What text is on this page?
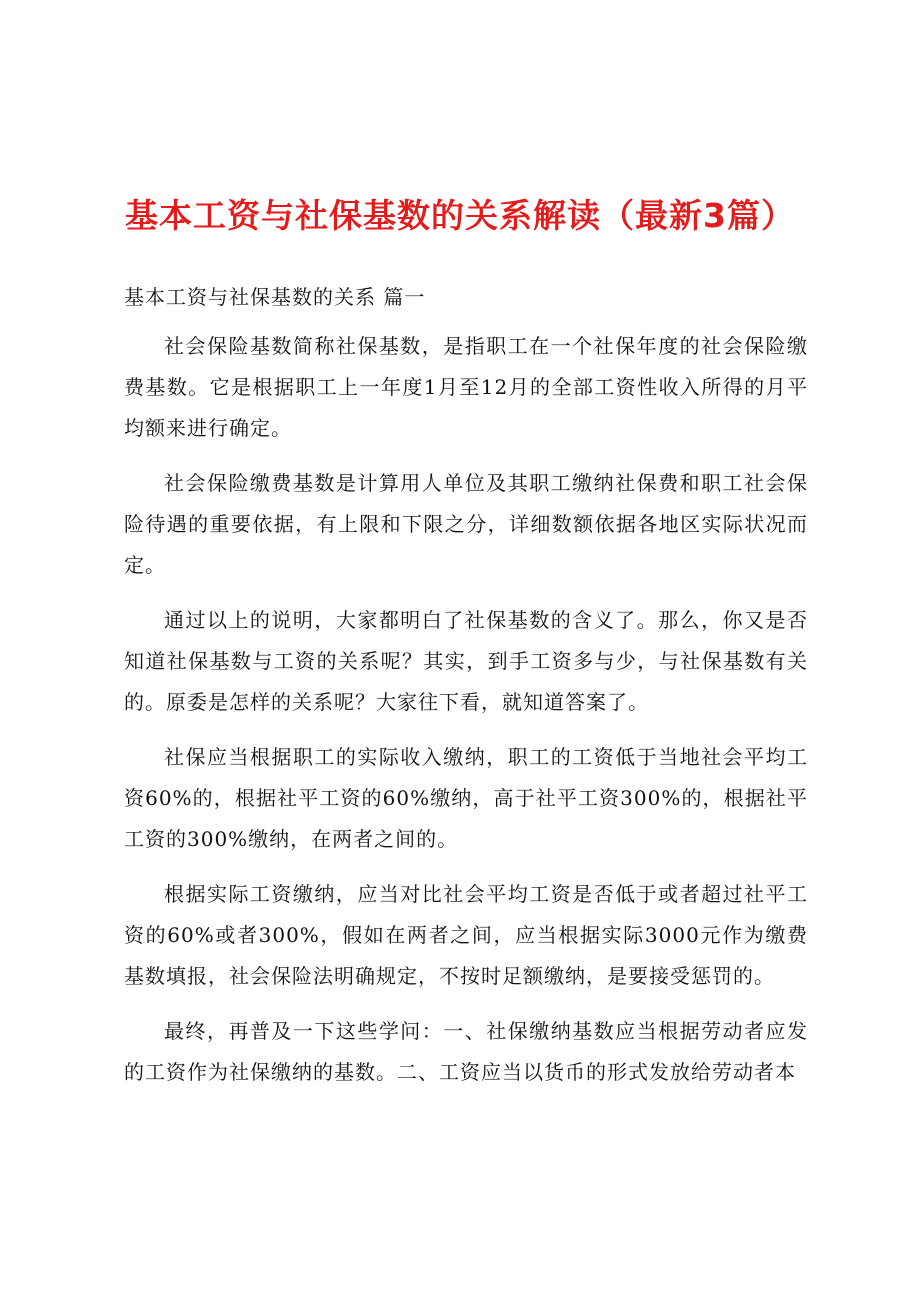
基本工资与社保基数的关系解读（最新3篇）
基本工资与社保基数的关系 篇一

社会保险基数简称社保基数，是指职工在一个社保年度的社会保险缴费基数。它是根据职工上一年度1月至12月的全部工资性收入所得的月平均额来进行确定。

社会保险缴费基数是计算用人单位及其职工缴纳社保费和职工社会保险待遇的重要依据，有上限和下限之分，详细数额依据各地区实际状况而定。

通过以上的说明，大家都明白了社保基数的含义了。那么，你又是否知道社保基数与工资的关系呢？其实，到手工资多与少，与社保基数有关的。原委是怎样的关系呢？大家往下看，就知道答案了。

社保应当根据职工的实际收入缴纳，职工的工资低于当地社会平均工资60%的，根据社平工资的60%缴纳，高于社平工资300%的，根据社平工资的300%缴纳，在两者之间的。

根据实际工资缴纳，应当对比社会平均工资是否低于或者超过社平工资的60%或者300%，假如在两者之间，应当根据实际3000元作为缴费基数填报，社会保险法明确规定，不按时足额缴纳，是要接受惩罚的。

最终，再普及一下这些学问：一、社保缴纳基数应当根据劳动者应发的工资作为社保缴纳的基数。二、工资应当以货币的形式发放给劳动者本
